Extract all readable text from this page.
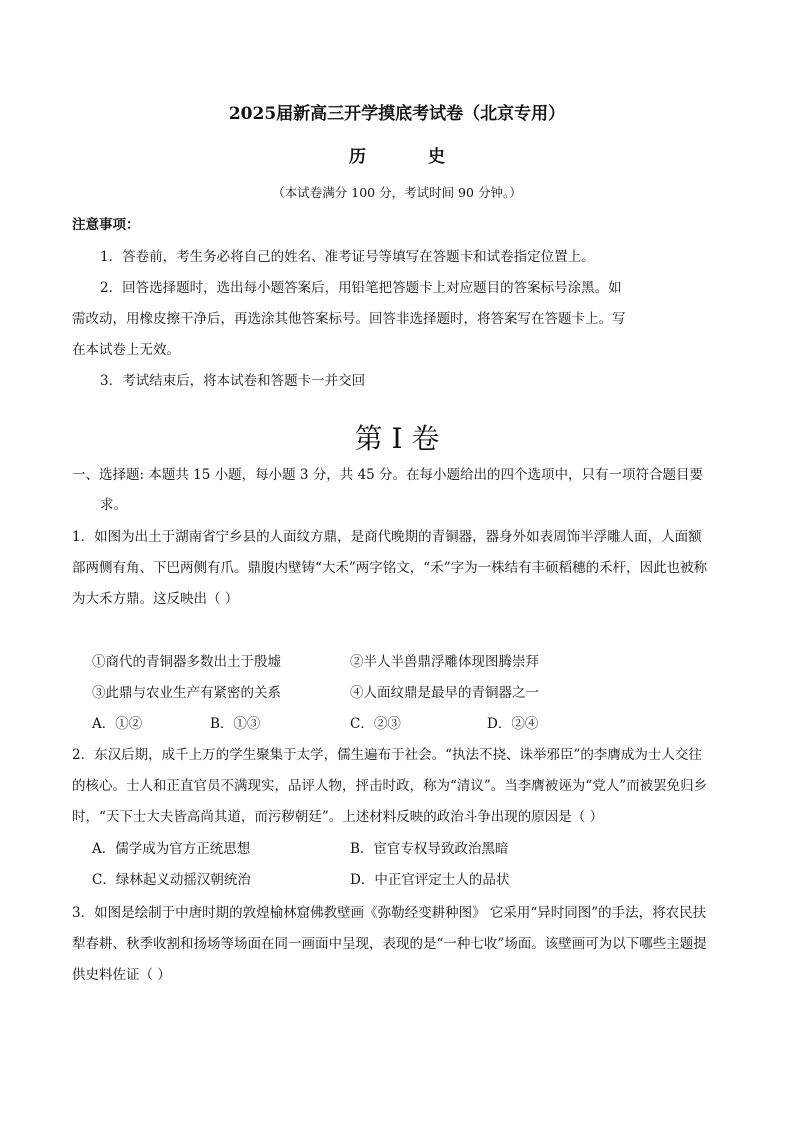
2025届新高三开学摸底考试卷（北京专用）
历	史
（本试卷满分 100 分，考试时间 90 分钟。）
注意事项：
1．答卷前，考生务必将自己的姓名、准考证号等填写在答题卡和试卷指定位置上。
2．回答选择题时，选出每小题答案后，用铅笔把答题卡上对应题目的答案标号涂黑。如
需改动，用橡皮擦干净后，再选涂其他答案标号。回答非选择题时，将答案写在答题卡上。写
在本试卷上无效。
3．考试结束后，将本试卷和答题卡一并交回
第 I 卷
一、选择题: 本题共 15 小题，每小题 3 分，共 45 分。在每小题给出的四个选项中，只有一项符合题目要
求。
1．如图为出土于湖南省宁乡县的人面纹方鼎，是商代晚期的青铜器，器身外如表周饰半浮雕人面，人面额
部两侧有角、下巴两侧有爪。鼎腹内壁铸“大禾”两字铭文，“禾”字为一株结有丰硕稻穗的禾杆，因此也被称
为大禾方鼎。这反映出（ ）
①商代的青铜器多数出土于殷墟	②半人半兽鼎浮雕体现图腾崇拜
③此鼎与农业生产有紧密的关系	④人面纹鼎是最早的青铜器之一
A．①②	B．①③	C．②③	D．②④
2．东汉后期，成千上万的学生聚集于太学，儒生遍布于社会。“执法不挠、诛举邪臣”的李膺成为士人交往
的核心。士人和正直官员不满现实，品评人物，抨击时政，称为“清议”。当李膺被诬为“党人”而被罢免归乡
时，“天下士大夫皆高尚其道，而污秽朝廷”。上述材料反映的政治斗争出现的原因是（ ）
A．儒学成为官方正统思想	B．宦官专权导致政治黑暗
C．绿林起义动摇汉朝统治	D．中正官评定士人的品状
3．如图是绘制于中唐时期的敦煌榆林窟佛教壁画《弥勒经变耕种图》 它采用“异时同图”的手法，将农民扶
犁春耕、秋季收割和扬场等场面在同一画面中呈现，表现的是“一种七收”场面。该壁画可为以下哪些主题提
供史料佐证（ ）
